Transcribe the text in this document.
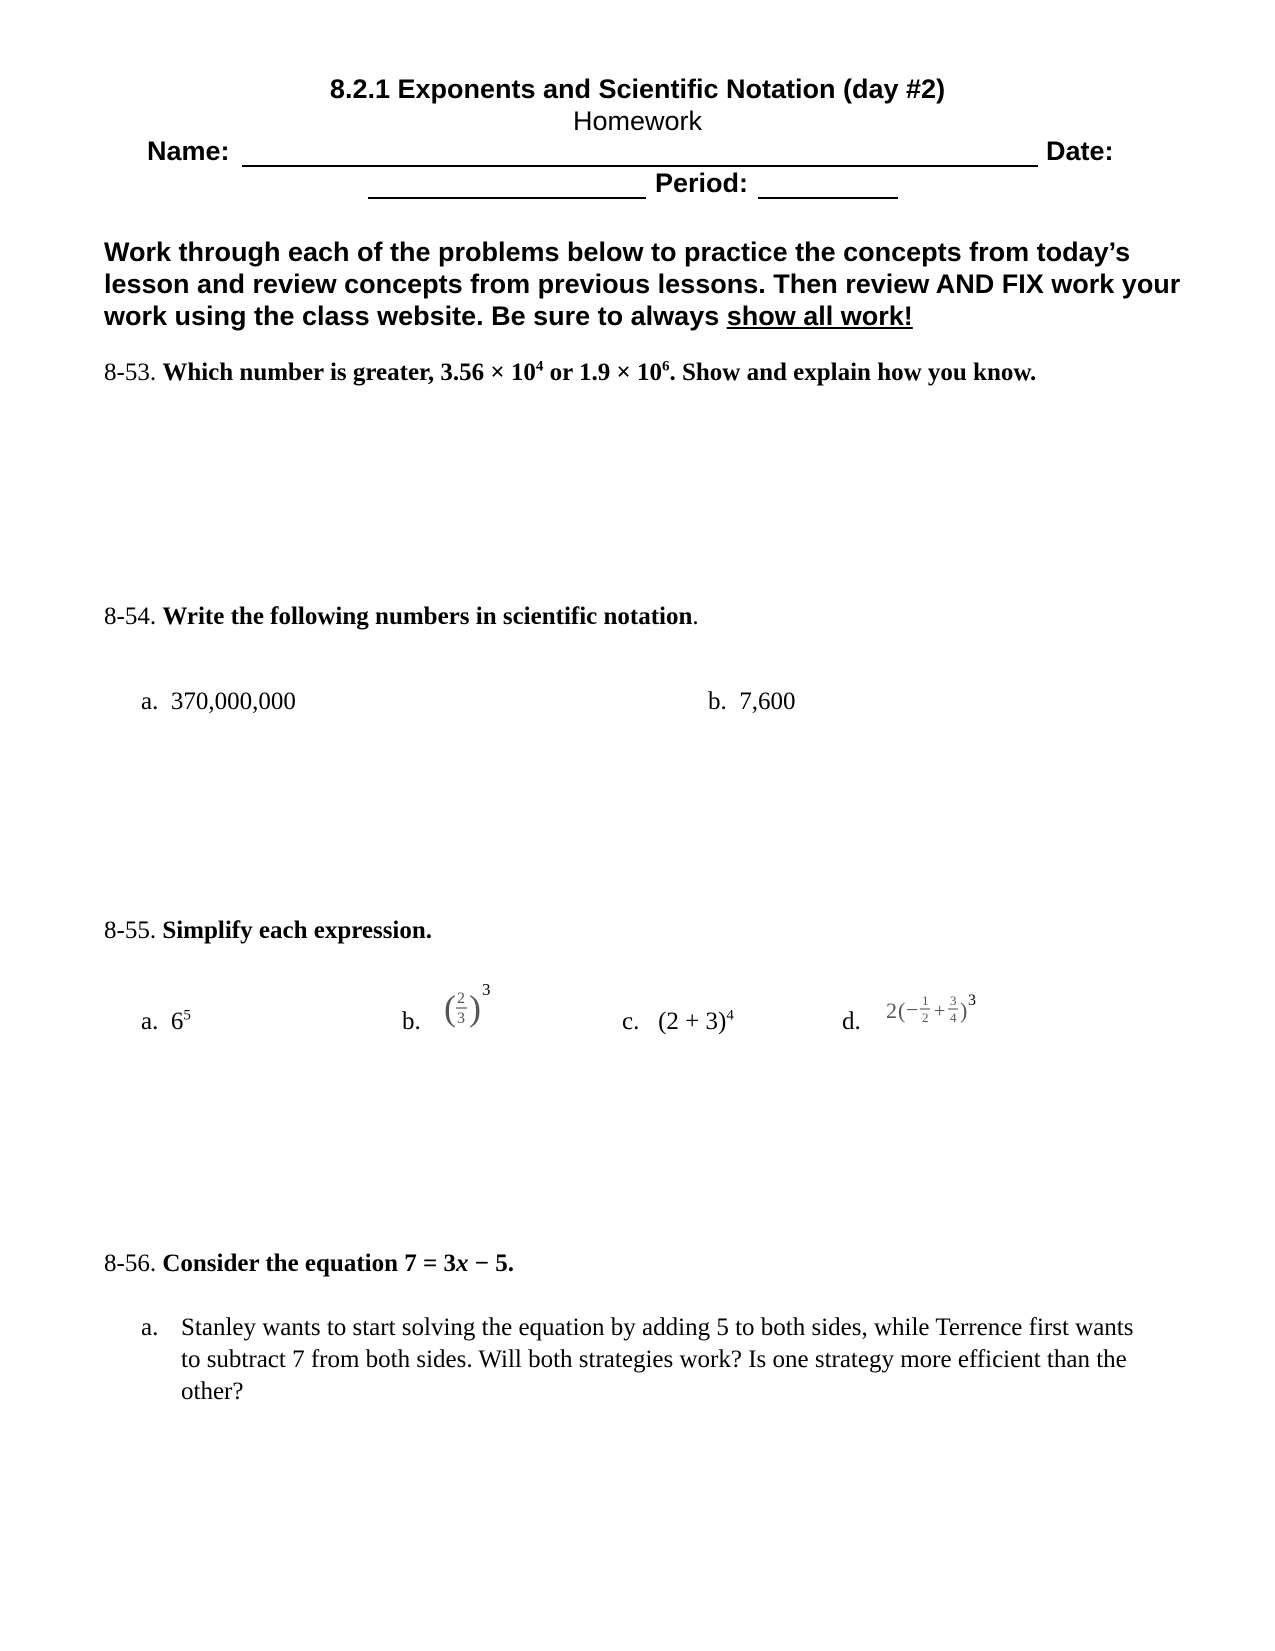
8.2.1 Exponents and Scientific Notation (day #2)
Homework
Name:	Date:
Period:
Work through each of the problems below to practice the concepts from today’s lesson and review concepts from previous lessons. Then review AND FIX work your work using the class website. Be sure to always show all work!
8-53. Which number is greater, $3.56 \times 10^4$ or $1.9 \times 10^6$. Show and explain how you know.
8-54. Write the following numbers in scientific notation.
a. 370,000,000	b. 7,600
8-55. Simplify each expression.
a. $6^5$	b. ( 2
3 ) 3
c. $(2 + 3)^4$	d. 2 ( − 1
2 + 3
4 ) 3
8-56. Consider the equation 7 = 3x − 5.
a. Stanley wants to start solving the equation by adding 5 to both sides, while Terrence first wants to subtract 7 from both sides. Will both strategies work? Is one strategy more efficient than the other?
